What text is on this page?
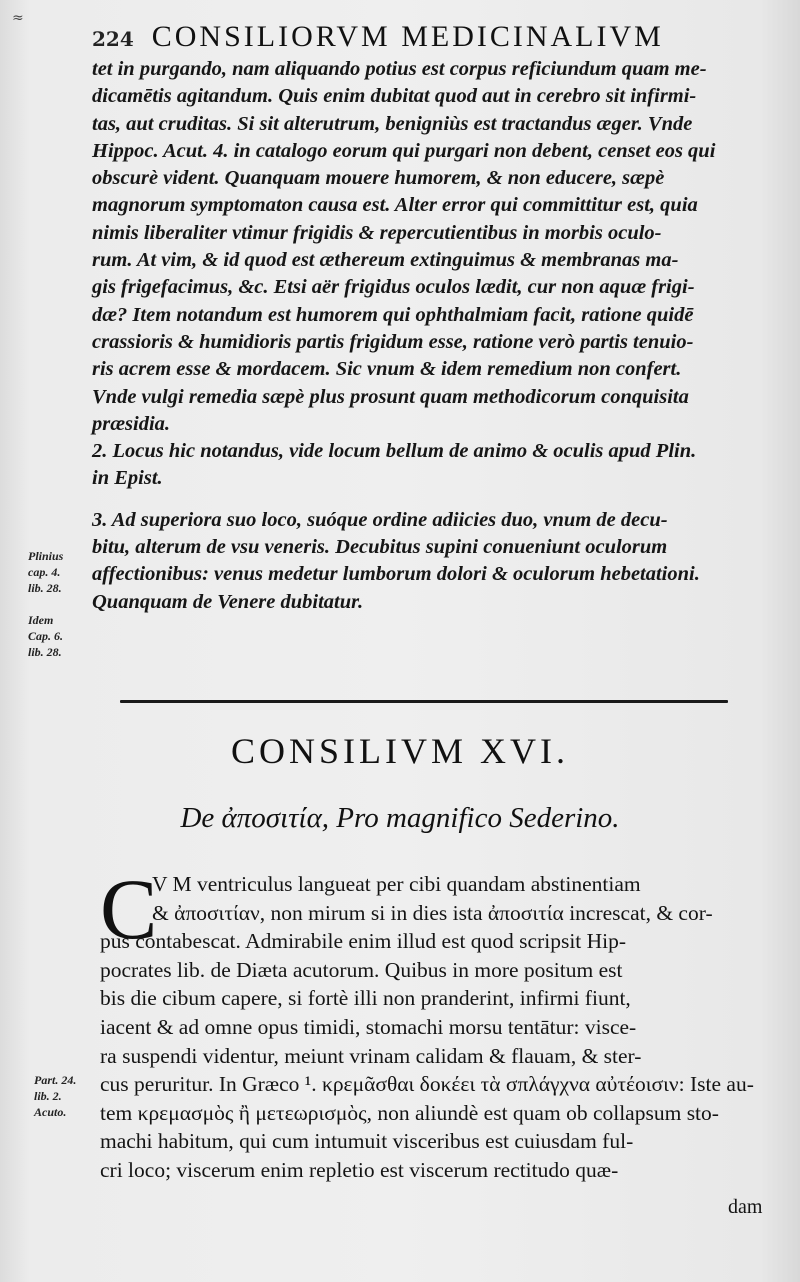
≈
224 CONSILIORVM MEDICINALIVM

tet in purgando, nam aliquando potius est corpus reficiundum quam me-
dicamētis agitandum. Quis enim dubitat quod aut in cerebro sit infirmi-
tas, aut cruditas. Si sit alterutrum, benigniùs est tractandus æger. Vnde
Hippoc. Acut. 4. in catalogo eorum qui purgari non debent, censet eos qui
obscurè vident. Quanquam mouere humorem, & non educere, sæpè
magnorum symptomaton causa est. Alter error qui committitur est, quia
nimis liberaliter vtimur frigidis & repercutientibus in morbis oculo-
rum. At vim, & id quod est æthereum extinguimus & membranas ma-
gis frigefacimus, &c. Etsi aër frigidus oculos lædit, cur non aquæ frigi-
dæ? Item notandum est humorem qui ophthalmiam facit, ratione quidē
crassioris & humidioris partis frigidum esse, ratione verò partis tenuio-
ris acrem esse & mordacem. Sic vnum & idem remedium non confert.
Vnde vulgi remedia sæpè plus prosunt quam methodicorum conquisita
præsidia.

2. Locus hic notandus, vide locum bellum de animo & oculis apud Plin.
in Epist.

3. Ad superiora suo loco, suóque ordine adiicies duo, vnum de decu-
bitu, alterum de vsu veneris. Decubitus supini conueniunt oculorum
affectionibus: venus medetur lumborum dolori & oculorum hebetationi.
Quanquam de Venere dubitatur.

Plinius
cap. 4.
lib. 28.
Idem
Cap. 6.
lib. 28.
CONSILIVM XVI.
De ἀποσιτία, Pro magnifico Sederino.
C
V M ventriculus langueat per cibi quandam abstinentiam
& ἀποσιτίαν, non mirum si in dies ista ἀποσιτία increscat, & cor-
pus contabescat. Admirabile enim illud est quod scripsit Hip-
pocrates lib. de Diæta acutorum. Quibus in more positum est
bis die cibum capere, si fortè illi non pranderint, infirmi fiunt,
iacent & ad omne opus timidi, stomachi morsu tentātur: visce-
ra suspendi videntur, meiunt vrinam calidam & flauam, & ster-
cus peruritur. In Græco ¹. κρεμᾶσθαι δοκέει τὰ σπλάγχνα αὐτέοισιν: Iste au-
tem κρεμασμὸς ἢ μετεωρισμὸς, non aliundè est quam ob collapsum sto-
machi habitum, qui cum intumuit visceribus est cuiusdam ful-
cri loco; viscerum enim repletio est viscerum rectitudo quæ-
Part. 24.
lib. 2.
Acuto.
dam
